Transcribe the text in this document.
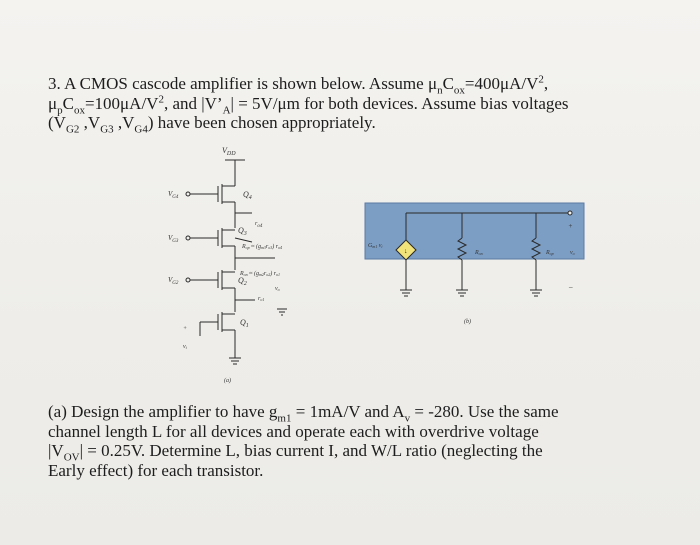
3. A CMOS cascode amplifier is shown below. Assume $\mu_nC_{ox}=400\mu A/V^2$,
$\mu_pC_{ox}=100\mu A/V^2$, and $|V’_A| = 5V/\mu m$ for both devices. Assume bias voltages
($V_{G2}$ $,V_{G3}$ $,V_{G4}$) have been chosen appropriately.
$V_{DD}$
$V_{G4}$	$Q_4$
$r_{o4}$
$V_{G3}$
$Q_3$
Rop ≈ (gm3ro3) ro4
$V_{G2}$	$Q_2$
Ron ≈ (gm2ro2) ro1
vo
ro1
$Q_1$
+
vi
(a)
+
vo
−
↓
Gm1 vi
Ron	Rop
(b)
(a) Design the amplifier to have $g_{m1} = 1mA/V$ and $A_v = -280$. Use the same
channel length L for all devices and operate each with overdrive voltage
$|V_{OV}| = 0.25V$. Determine L, bias current I, and W/L ratio (neglecting the
Early effect) for each transistor.
